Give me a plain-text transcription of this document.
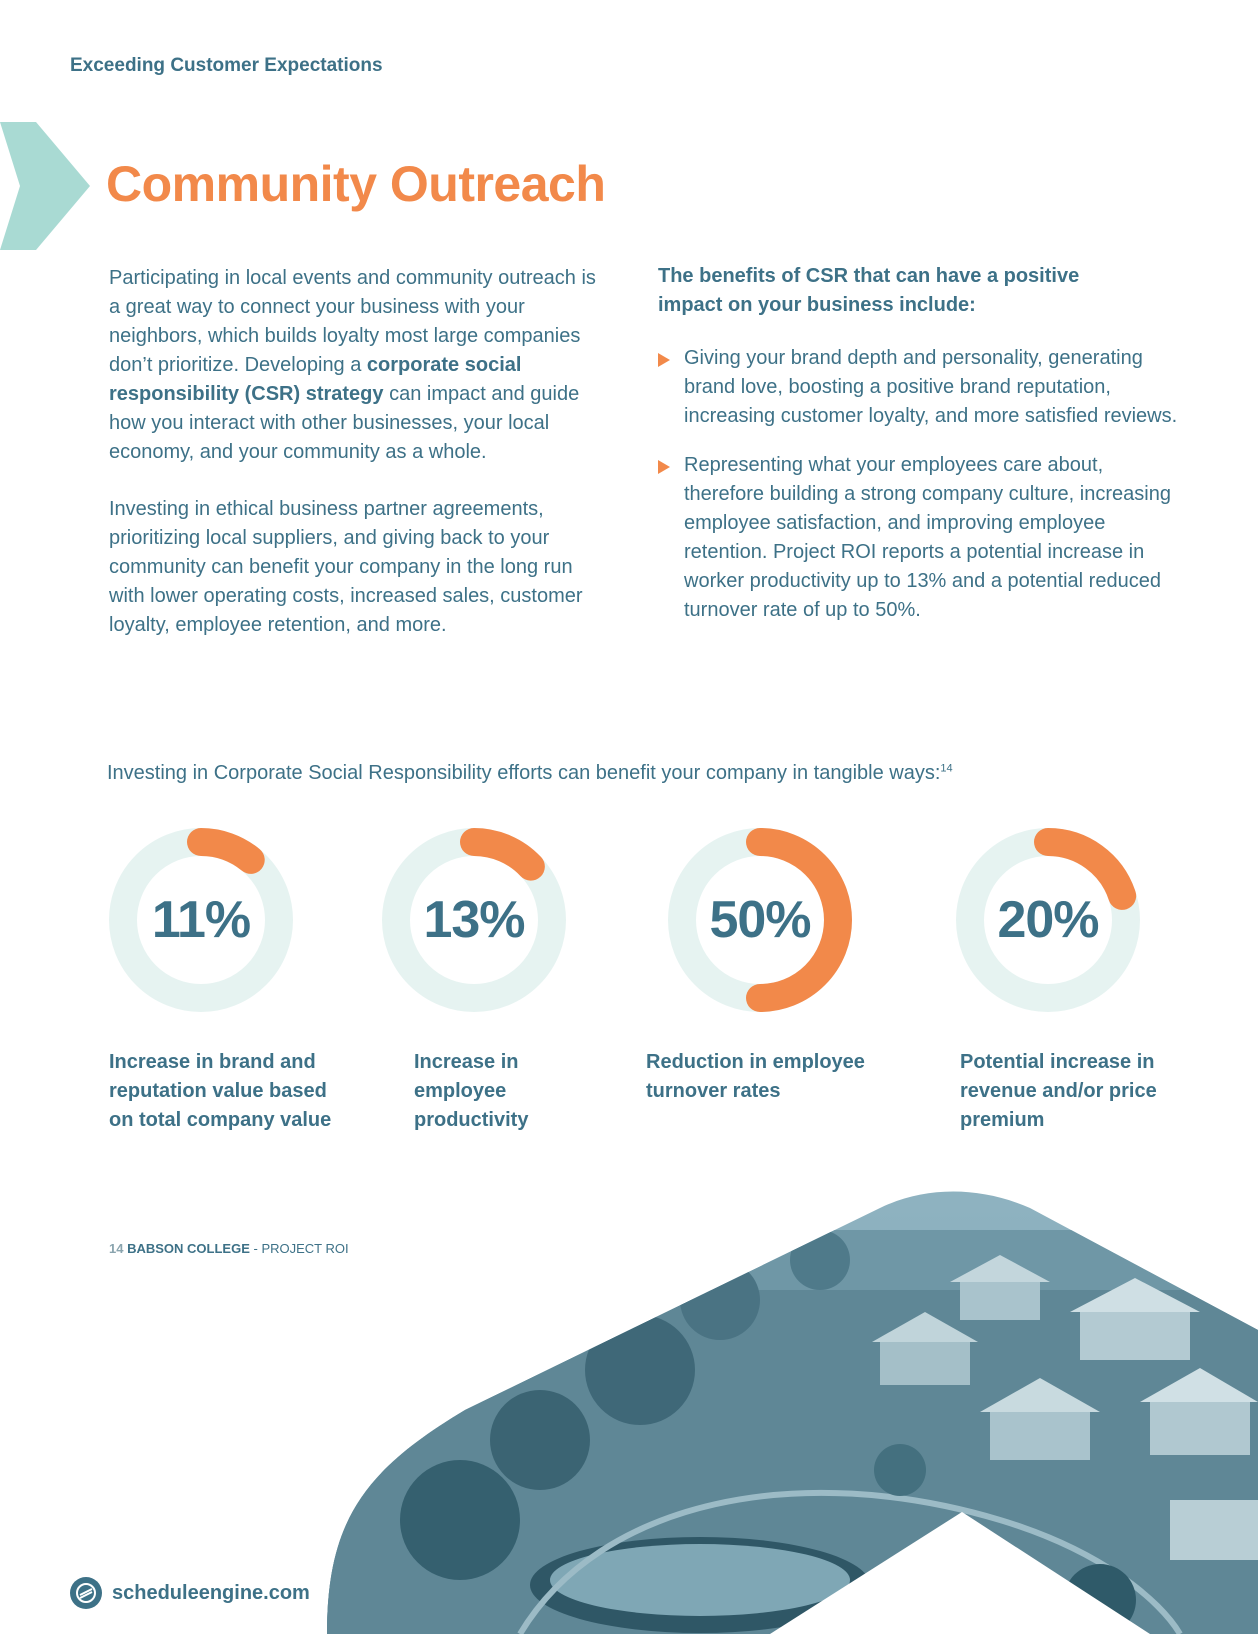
Exceeding Customer Expectations

Community Outreach

Participating in local events and community outreach is a great way to connect your business with your neighbors, which builds loyalty most large companies don’t prioritize. Developing a corporate social responsibility (CSR) strategy can impact and guide how you interact with other businesses, your local economy, and your community as a whole.

Investing in ethical business partner agreements, prioritizing local suppliers, and giving back to your community can benefit your company in the long run with lower operating costs, increased sales, customer loyalty, employee retention, and more.

The benefits of CSR that can have a positive impact on your business include:

Giving your brand depth and personality, generating brand love, boosting a positive brand reputation, increasing customer loyalty, and more satisfied reviews.
Representing what your employees care about, therefore building a strong company culture, increasing employee satisfaction, and improving employee retention. Project ROI reports a potential increase in worker productivity up to 13% and a potential reduced turnover rate of up to 50%.

Investing in Corporate Social Responsibility efforts can benefit your company in tangible ways:$^{14}$

11%

Increase in brand and reputation value based on total company value

13%

Increase in employee productivity

50%

Reduction in employee turnover rates

20%

Potential increase in revenue and/or price premium

14 BABSON COLLEGE - PROJECT ROI

scheduleengine.com
